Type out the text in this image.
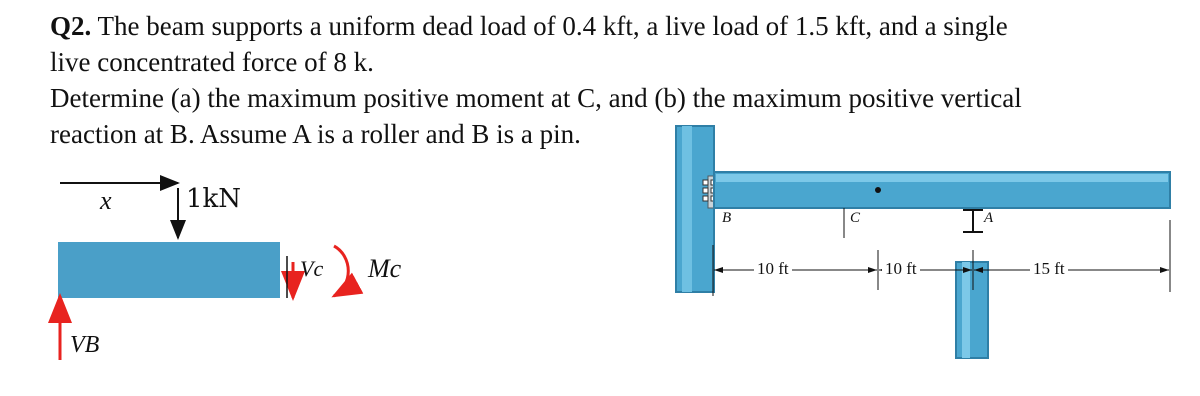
Q2. The beam supports a uniform dead load of 0.4 kft, a live load of 1.5 kft, and a single

live concentrated force of 8 k.

Determine (a) the maximum positive moment at C, and (b) the maximum positive vertical

reaction at B. Assume A is a roller and B is a pin.

x	1kN
Vc Mc
VB
B	C	A
10 ft	10 ft	15 ft
